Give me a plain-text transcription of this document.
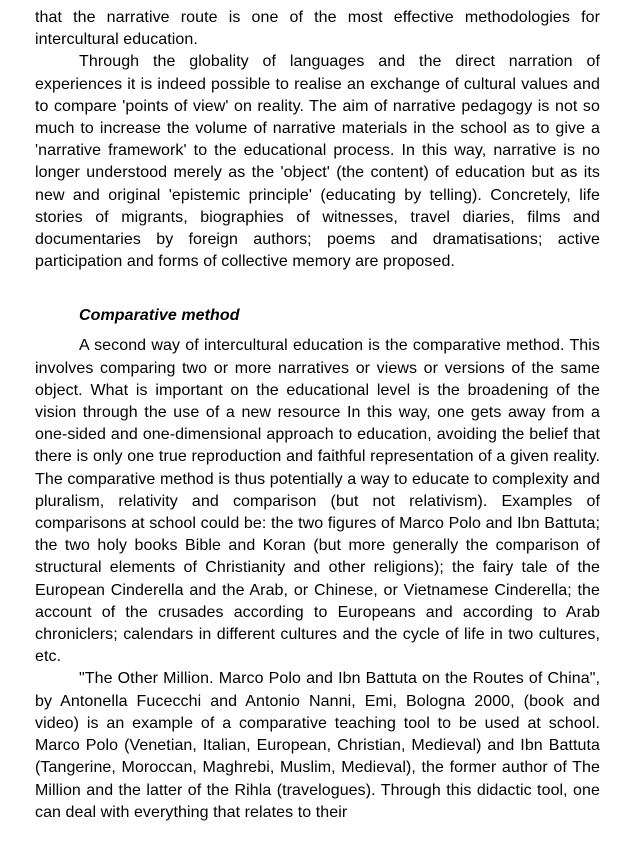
that the narrative route is one of the most effective methodologies for intercultural education.

Through the globality of languages and the direct narration of experiences it is indeed possible to realise an exchange of cultural values and to compare 'points of view' on reality. The aim of narrative pedagogy is not so much to increase the volume of narrative materials in the school as to give a 'narrative framework' to the educational process. In this way, narrative is no longer understood merely as the 'object' (the content) of education but as its new and original 'epistemic principle' (educating by telling). Concretely, life stories of migrants, biographies of witnesses, travel diaries, films and documentaries by foreign authors; poems and dramatisations; active participation and forms of collective memory are proposed.

Comparative method

A second way of intercultural education is the comparative method. This involves comparing two or more narratives or views or versions of the same object. What is important on the educational level is the broadening of the vision through the use of a new resource In this way, one gets away from a one-sided and one-dimensional approach to education, avoiding the belief that there is only one true reproduction and faithful representation of a given reality. The comparative method is thus potentially a way to educate to complexity and pluralism, relativity and comparison (but not relativism). Examples of comparisons at school could be: the two figures of Marco Polo and Ibn Battuta; the two holy books Bible and Koran (but more generally the comparison of structural elements of Christianity and other religions); the fairy tale of the European Cinderella and the Arab, or Chinese, or Vietnamese Cinderella; the account of the crusades according to Europeans and according to Arab chroniclers; calendars in different cultures and the cycle of life in two cultures, etc.

"The Other Million. Marco Polo and Ibn Battuta on the Routes of China", by Antonella Fucecchi and Antonio Nanni, Emi, Bologna 2000, (book and video) is an example of a comparative teaching tool to be used at school. Marco Polo (Venetian, Italian, European, Christian, Medieval) and Ibn Battuta (Tangerine, Moroccan, Maghrebi, Muslim, Medieval), the former author of The Million and the latter of the Rihla (travelogues). Through this didactic tool, one can deal with everything that relates to their
